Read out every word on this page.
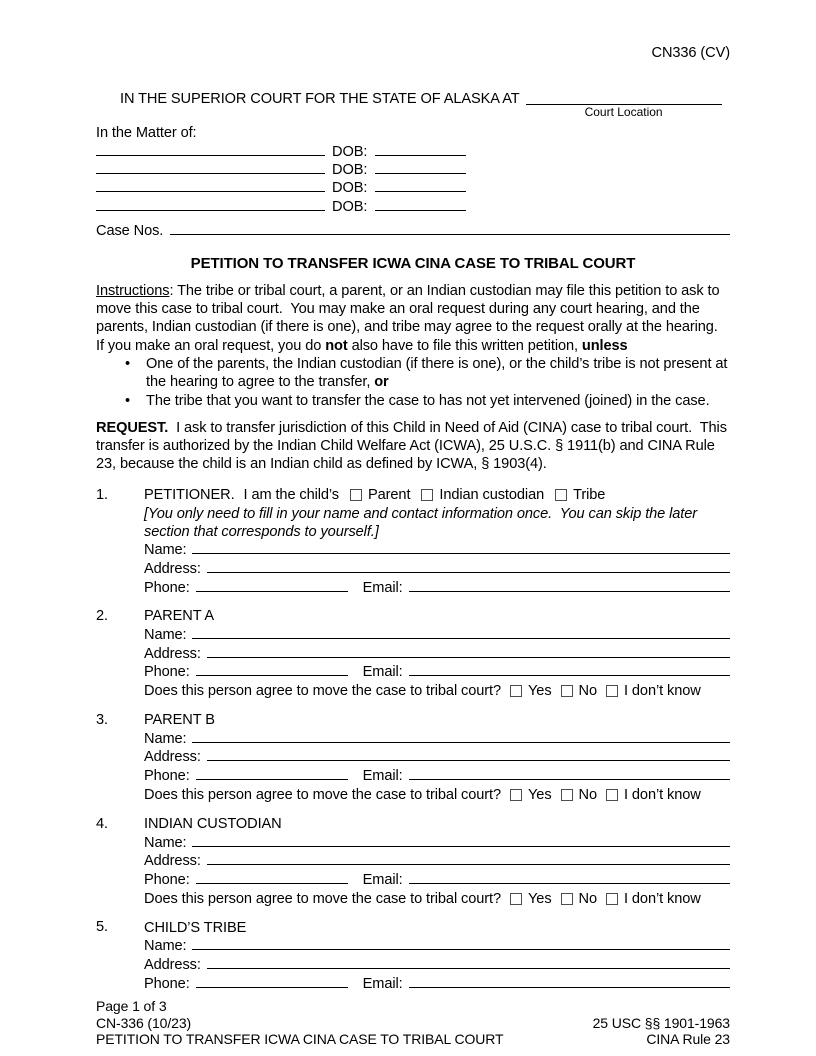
CN336 (CV)
IN THE SUPERIOR COURT FOR THE STATE OF ALASKA AT
Court Location
In the Matter of:
DOB:
DOB:
DOB:
DOB:
Case Nos.
PETITION TO TRANSFER ICWA CINA CASE TO TRIBAL COURT

Instructions: The tribe or tribal court, a parent, or an Indian custodian may file this petition to ask to move this case to tribal court.  You may make an oral request during any court hearing, and the parents, Indian custodian (if there is one), and tribe may agree to the request orally at the hearing.  If you make an oral request, you do not also have to file this written petition, unless

• One of the parents, the Indian custodian (if there is one), or the child’s tribe is not present at the hearing to agree to the transfer, or
• The tribe that you want to transfer the case to has not yet intervened (joined) in the case.

REQUEST.  I ask to transfer jurisdiction of this Child in Need of Aid (CINA) case to tribal court.  This transfer is authorized by the Indian Child Welfare Act (ICWA), 25 U.S.C. § 1911(b) and CINA Rule 23, because the child is an Indian child as defined by ICWA, § 1903(4).

1. PETITIONER. I am the child’s Parent Indian custodian Tribe
[You only need to fill in your name and contact information once.  You can skip the later section that corresponds to yourself.]
Name:
Address:
Phone:	Email:
2. PARENT A
Name:
Address:
Phone:	Email:
Does this person agree to move the case to tribal court? Yes No I don’t know
3. PARENT B
Name:
Address:
Phone:	Email:
Does this person agree to move the case to tribal court? Yes No I don’t know
4. INDIAN CUSTODIAN
Name:
Address:
Phone:	Email:
Does this person agree to move the case to tribal court? Yes No I don’t know
5. CHILD’S TRIBE
Name:
Address:
Phone:	Email:
Page 1 of 3
CN-336 (10/23)	25 USC §§ 1901-1963
PETITION TO TRANSFER ICWA CINA CASE TO TRIBAL COURT	CINA Rule 23
